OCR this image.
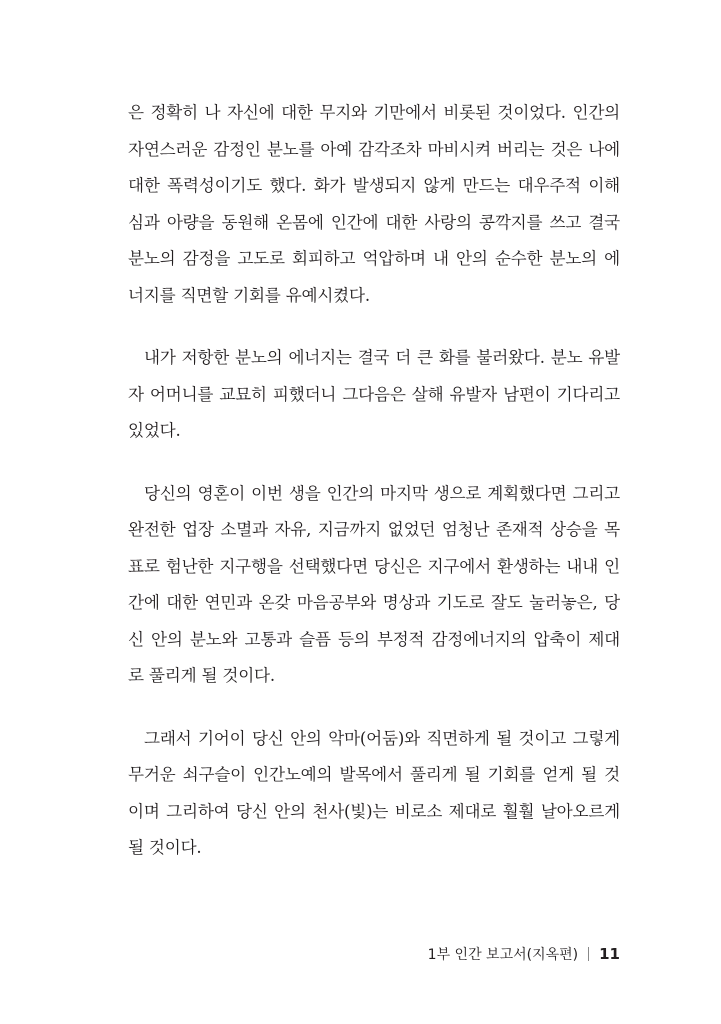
은 정확히 나 자신에 대한 무지와 기만에서 비롯된 것이었다. 인간의
자연스러운 감정인 분노를 아예 감각조차 마비시켜 버리는 것은 나에
대한 폭력성이기도 했다. 화가 발생되지 않게 만드는 대우주적 이해
심과 아량을 동원해 온몸에 인간에 대한 사랑의 콩깍지를 쓰고 결국
분노의 감정을 고도로 회피하고 억압하며 내 안의 순수한 분노의 에
너지를 직면할 기회를 유예시켰다.

내가 저항한 분노의 에너지는 결국 더 큰 화를 불러왔다. 분노 유발
자 어머니를 교묘히 피했더니 그다음은 살해 유발자 남편이 기다리고
있었다.

당신의 영혼이 이번 생을 인간의 마지막 생으로 계획했다면 그리고
완전한 업장 소멸과 자유, 지금까지 없었던 엄청난 존재적 상승을 목
표로 험난한 지구행을 선택했다면 당신은 지구에서 환생하는 내내 인
간에 대한 연민과 온갖 마음공부와 명상과 기도로 잘도 눌러놓은, 당
신 안의 분노와 고통과 슬픔 등의 부정적 감정에너지의 압축이 제대
로 풀리게 될 것이다.

그래서 기어이 당신 안의 악마(어둠)와 직면하게 될 것이고 그렇게
무거운 쇠구슬이 인간노예의 발목에서 풀리게 될 기회를 얻게 될 것
이며 그리하여 당신 안의 천사(빛)는 비로소 제대로 훨훨 날아오르게
될 것이다.

1부 인간 보고서(지옥편) 11
